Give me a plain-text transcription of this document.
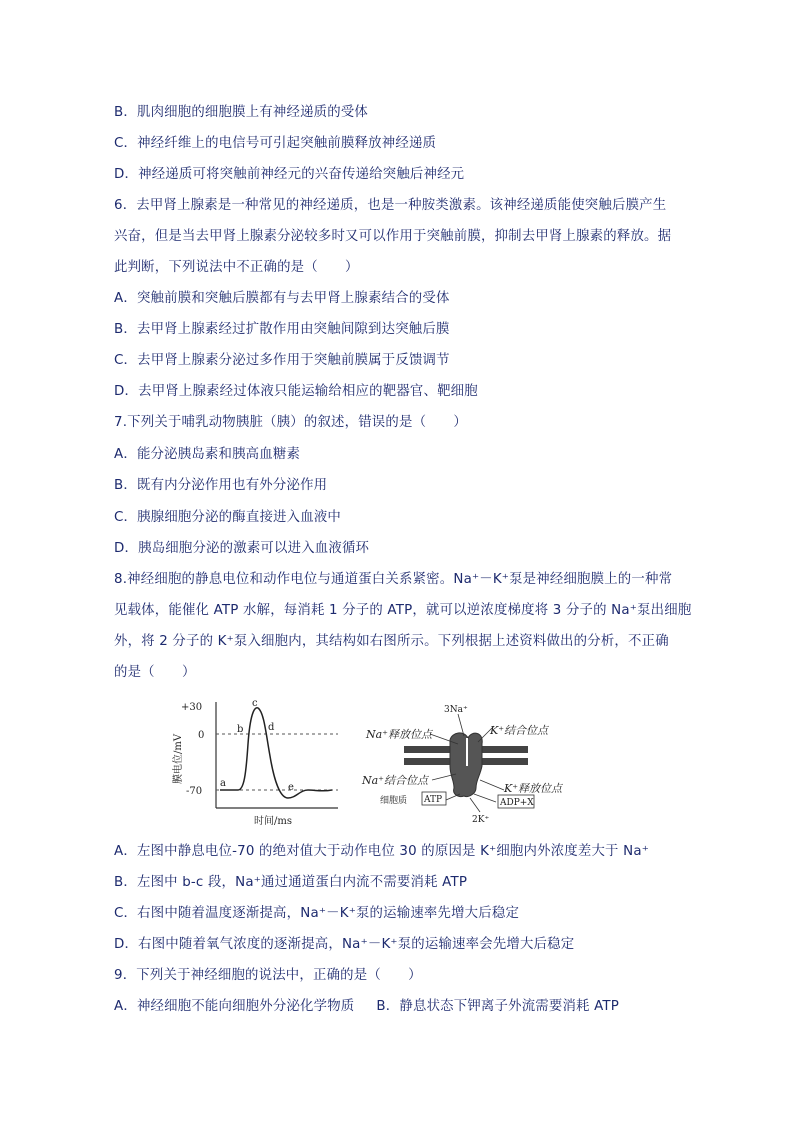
B．肌肉细胞的细胞膜上有神经递质的受体
C．神经纤维上的电信号可引起突触前膜释放神经递质
D．神经递质可将突触前神经元的兴奋传递给突触后神经元
6．去甲肾上腺素是一种常见的神经递质，也是一种胺类激素。该神经递质能使突触后膜产生
兴奋，但是当去甲肾上腺素分泌较多时又可以作用于突触前膜，抑制去甲肾上腺素的释放。据
此判断，下列说法中不正确的是（　　）
A．突触前膜和突触后膜都有与去甲肾上腺素结合的受体
B．去甲肾上腺素经过扩散作用由突触间隙到达突触后膜
C．去甲肾上腺素分泌过多作用于突触前膜属于反馈调节
D．去甲肾上腺素经过体液只能运输给相应的靶器官、靶细胞
7.下列关于哺乳动物胰脏（胰）的叙述，错误的是（　　）
A．能分泌胰岛素和胰高血糖素
B．既有内分泌作用也有外分泌作用
C．胰腺细胞分泌的酶直接进入血液中
D．胰岛细胞分泌的激素可以进入血液循环
8.神经细胞的静息电位和动作电位与通道蛋白关系紧密。Na⁺－K⁺泵是神经细胞膜上的一种常
见载体，能催化 ATP 水解，每消耗 1 分子的 ATP，就可以逆浓度梯度将 3 分子的 Na⁺泵出细胞
外，将 2 分子的 K⁺泵入细胞内，其结构如右图所示。下列根据上述资料做出的分析，不正确
的是（　　）
A．左图中静息电位-70 的绝对值大于动作电位 30 的原因是 K⁺细胞内外浓度差大于 Na⁺
B．左图中 b-c 段，Na⁺通过通道蛋白内流不需要消耗 ATP
C．右图中随着温度逐渐提高，Na⁺－K⁺泵的运输速率先增大后稳定
D．右图中随着氧气浓度的逐渐提高，Na⁺－K⁺泵的运输速率会先增大后稳定
9．下列关于神经细胞的说法中，正确的是（　　）
A．神经细胞不能向细胞外分泌化学物质 B．静息状态下钾离子外流需要消耗 ATP
+30
0
-70
a
b
c
d
e
膜电位/mV
时间/ms
Na⁺释放位点
3Na⁺
K⁺结合位点
Na⁺结合位点
K⁺释放位点
细胞质 ATP	ADP+X
2K⁺
